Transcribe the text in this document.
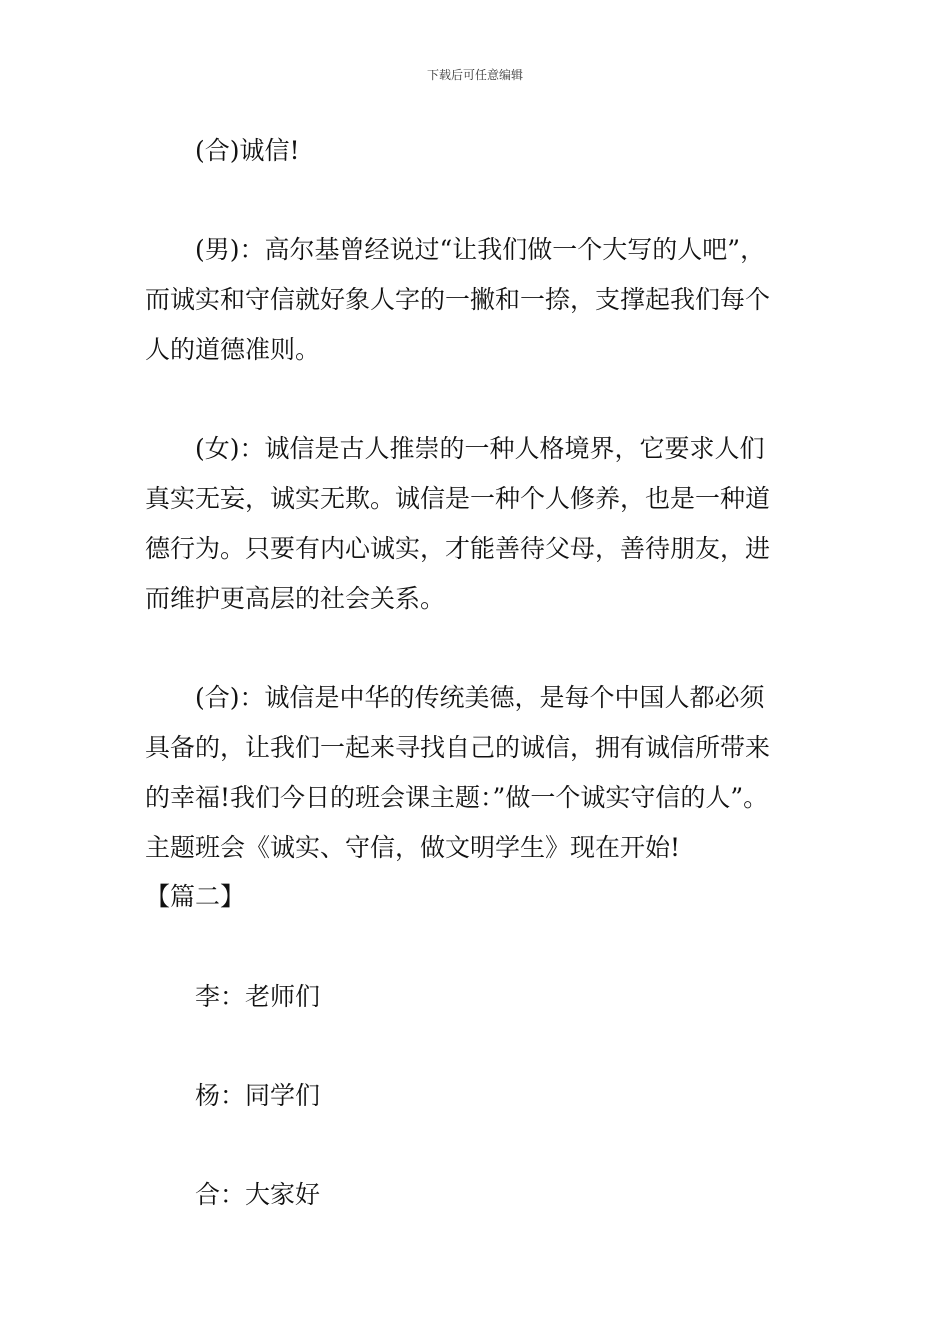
下载后可任意编辑
(合)诚信!
(男)：高尔基曾经说过“让我们做一个大写的人吧”，
而诚实和守信就好象人字的一撇和一捺，支撑起我们每个
人的道德准则。
(女)：诚信是古人推崇的一种人格境界，它要求人们
真实无妄，诚实无欺。诚信是一种个人修养，也是一种道
德行为。只要有内心诚实，才能善待父母，善待朋友，进
而维护更高层的社会关系。
(合)：诚信是中华的传统美德，是每个中国人都必须
具备的，让我们一起来寻找自己的诚信，拥有诚信所带来
的幸福!我们今日的班会课主题：”做一个诚实守信的人”。
主题班会《诚实、守信，做文明学生》现在开始!
【篇二】
李：老师们
杨：同学们
合：大家好
